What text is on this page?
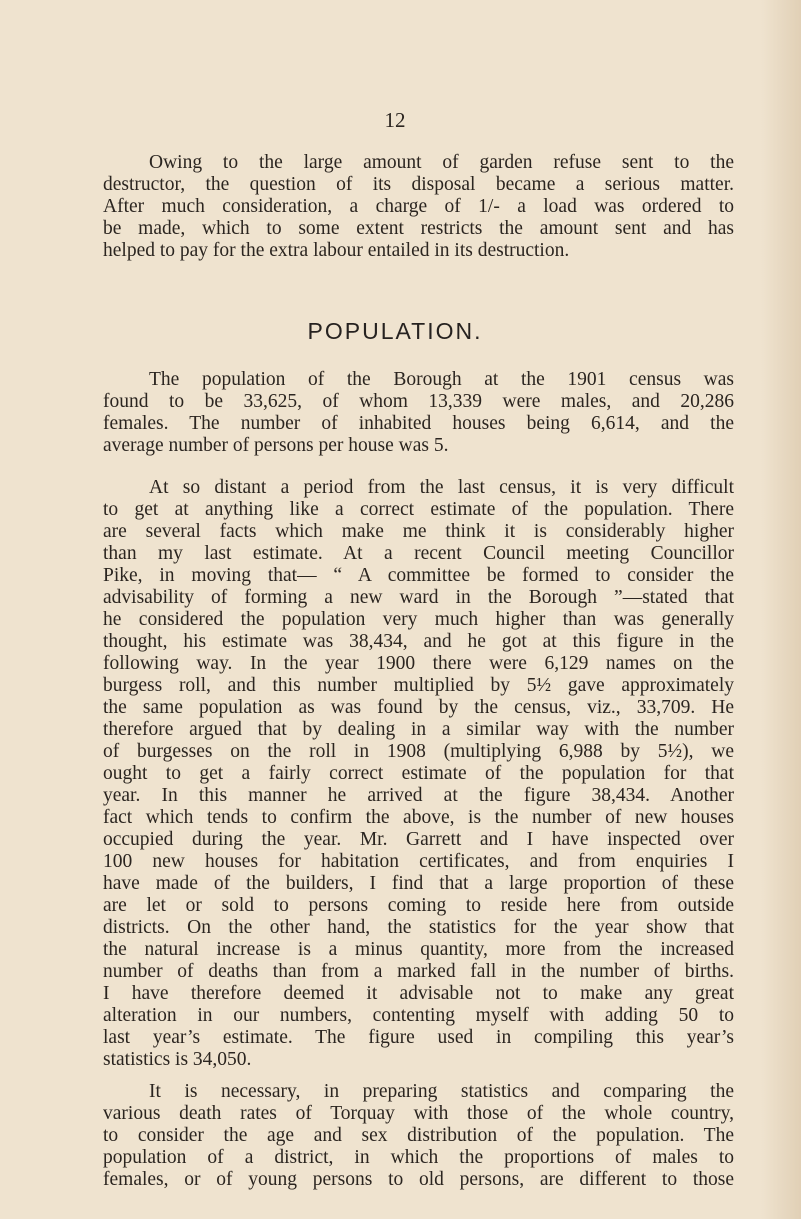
12
Owing to the large amount of garden refuse sent to the
destructor, the question of its disposal became a serious matter.
After much consideration, a charge of 1/- a load was ordered to
be made, which to some extent restricts the amount sent and has
helped to pay for the extra labour entailed in its destruction.
POPULATION.
The population of the Borough at the 1901 census was
found to be 33,625, of whom 13,339 were males, and 20,286
females. The number of inhabited houses being 6,614, and the
average number of persons per house was 5.
At so distant a period from the last census, it is very difficult
to get at anything like a correct estimate of the population. There
are several facts which make me think it is considerably higher
than my last estimate. At a recent Council meeting Councillor
Pike, in moving that— “ A committee be formed to consider the
advisability of forming a new ward in the Borough ”—stated that
he considered the population very much higher than was generally
thought, his estimate was 38,434, and he got at this figure in the
following way. In the year 1900 there were 6,129 names on the
burgess roll, and this number multiplied by 5½ gave approximately
the same population as was found by the census, viz., 33,709. He
therefore argued that by dealing in a similar way with the number
of burgesses on the roll in 1908 (multiplying 6,988 by 5½), we
ought to get a fairly correct estimate of the population for that
year. In this manner he arrived at the figure 38,434. Another
fact which tends to confirm the above, is the number of new houses
occupied during the year. Mr. Garrett and I have inspected over
100 new houses for habitation certificates, and from enquiries I
have made of the builders, I find that a large proportion of these
are let or sold to persons coming to reside here from outside
districts. On the other hand, the statistics for the year show that
the natural increase is a minus quantity, more from the increased
number of deaths than from a marked fall in the number of births.
I have therefore deemed it advisable not to make any great
alteration in our numbers, contenting myself with adding 50 to
last year’s estimate. The figure used in compiling this year’s
statistics is 34,050.
It is necessary, in preparing statistics and comparing the
various death rates of Torquay with those of the whole country,
to consider the age and sex distribution of the population. The
population of a district, in which the proportions of males to
females, or of young persons to old persons, are different to those
